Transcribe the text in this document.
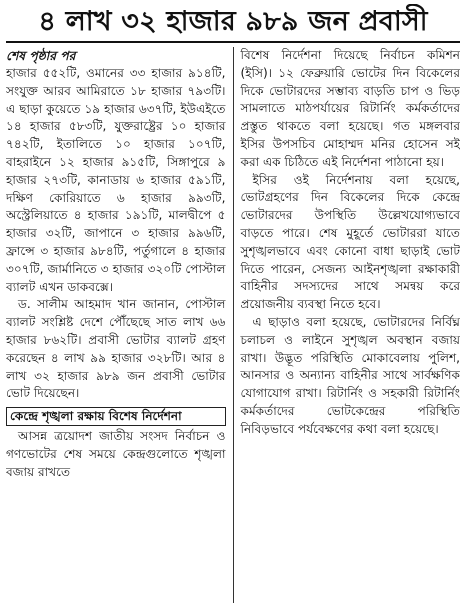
৪ লাখ ৩২ হাজার ৯৮৯ জন প্রবাসী
শেষ পৃষ্ঠার পর

হাজার ৫৫২টি, ওমানের ৩৩ হাজার ৯১৪টি, সংযুক্ত আরব আমিরাতে ১৮ হাজার ৭৯৩টি। এ ছাড়া কুয়েতে ১৯ হাজার ৬৩৭টি, ইউএইতে ১৪ হাজার ৫৮৩টি, যুক্তরাষ্ট্রের ১০ হাজার ৭৪২টি, ইতালিতে ১০ হাজার ১০৭টি, বাহরাইনে ১২ হাজার ৯১৫টি, সিঙ্গাপুরে ৯ হাজার ২৭৩টি, কানাডায় ৬ হাজার ৫৯১টি, দক্ষিণ কোরিয়াতে ৬ হাজার ৯৯৩টি, অস্ট্রেলিয়াতে ৪ হাজার ১৯১টি, মালদ্বীপে ৫ হাজার ৩২টি, জাপানে ৩ হাজার ৯৯৬টি, ফ্রান্সে ৩ হাজার ৯৮৪টি, পর্তুগালে ৪ হাজার ৩০৭টি, জার্মানিতে ৩ হাজার ৩২০টি পোস্টাল ব্যালট এখন ডাকবক্সে।

ড. সালীম আহমাদ খান জানান, পোস্টাল ব্যালট সংশ্লিষ্ট দেশে পৌঁছেছে সাত লাখ ৬৬ হাজার ৮৬২টি। প্রবাসী ভোটার ব্যালট গ্রহণ করেছেন ৪ লাখ ৯৯ হাজার ৩২৮টি। আর ৪ লাখ ৩২ হাজার ৯৮৯ জন প্রবাসী ভোটার ভোট দিয়েছেন।

কেন্দ্রে শৃঙ্খলা রক্ষায় বিশেষ নির্দেশনা

আসন্ন ত্রয়োদশ জাতীয় সংসদ নির্বাচন ও গণভোটের শেষ সময়ে কেন্দ্রগুলোতে শৃঙ্খলা বজায় রাখতে

বিশেষ নির্দেশনা দিয়েছে নির্বাচন কমিশন (ইসি)। ১২ ফেব্রুয়ারি ভোটের দিন বিকেলের দিকে ভোটারদের সম্ভাব্য বাড়তি চাপ ও ভিড় সামলাতে মাঠপর্যায়ের রিটার্নিং কর্মকর্তাদের প্রস্তুত থাকতে বলা হয়েছে। গত মঙ্গলবার ইসির উপসচিব মোহাম্মদ মনির হোসেন সই করা এক চিঠিতে এই নির্দেশনা পাঠানো হয়।

ইসির ওই নির্দেশনায় বলা হয়েছে, ভোটগ্রহণের দিন বিকেলের দিকে কেন্দ্রে ভোটারদের উপস্থিতি উল্লেখযোগ্যভাবে বাড়তে পারে। শেষ মুহূর্তে ভোটাররা যাতে সুশৃঙ্খলভাবে এবং কোনো বাধা ছাড়াই ভোট দিতে পারেন, সেজন্য আইনশৃঙ্খলা রক্ষাকারী বাহিনীর সদস্যদের সাথে সমন্বয় করে প্রয়োজনীয় ব্যবস্থা নিতে হবে।

এ ছাড়াও বলা হয়েছে, ভোটারদের নির্বিঘ্ন চলাচল ও লাইনে সুশৃঙ্খল অবস্থান বজায় রাখা। উদ্ভূত পরিস্থিতি মোকাবেলায় পুলিশ, আনসার ও অন্যান্য বাহিনীর সাথে সার্বক্ষণিক যোগাযোগ রাখা। রিটার্নিং ও সহকারী রিটার্নিং কর্মকর্তাদের ভোটকেন্দ্রের পরিস্থিতি নিবিড়ভাবে পর্যবেক্ষণের কথা বলা হয়েছে।
